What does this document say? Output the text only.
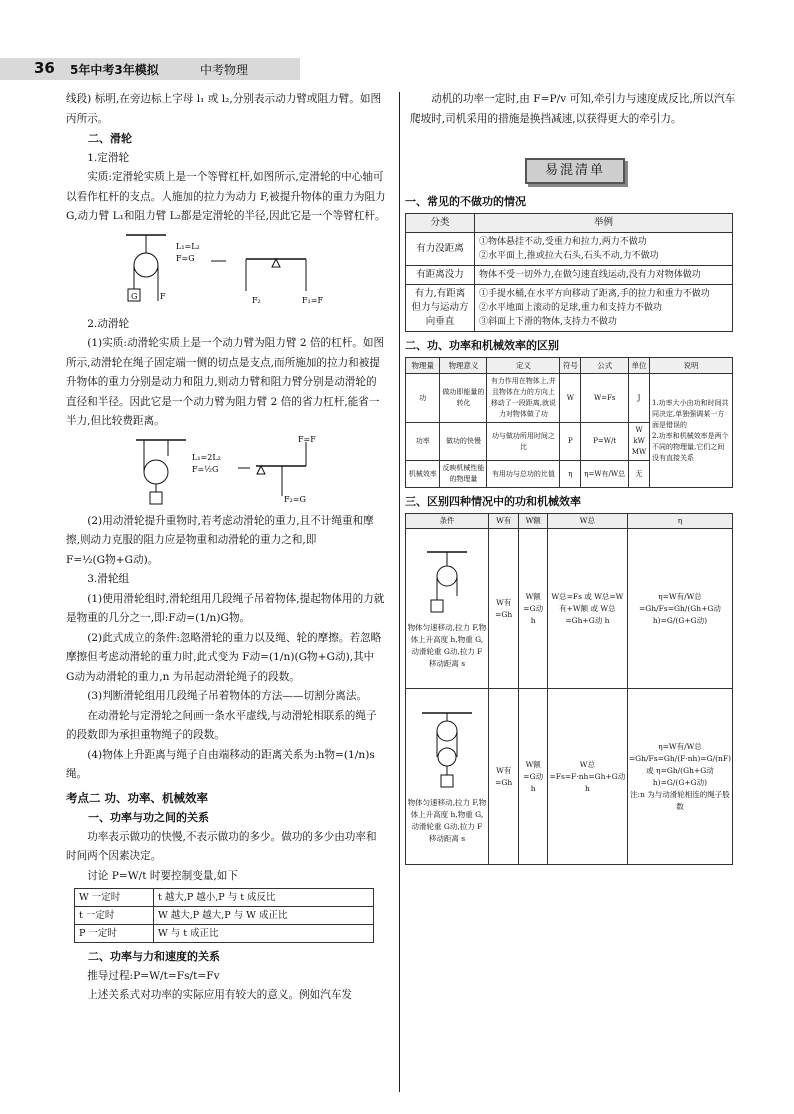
36 5年中考3年模拟	中考物理

线段) 标明,在旁边标上字母 l₁ 或 l₂,分别表示动力臂或阻力臂。如图丙所示。

二、滑轮

1.定滑轮

实质:定滑轮实质上是一个等臂杠杆,如图所示,定滑轮的中心轴可以看作杠杆的支点。人施加的拉力为动力 F,被提升物体的重力为阻力 G,动力臂 L₁和阻力臂 L₂都是定滑轮的半径,因此它是一个等臂杠杆。

G	F
L₁=L₂
F=G
F₂	F₁=F

2.动滑轮

(1)实质:动滑轮实质上是一个动力臂为阻力臂 2 倍的杠杆。如图所示,动滑轮在绳子固定端一侧的切点是支点,而所施加的拉力和被提升物体的重力分别是动力和阻力,则动力臂和阻力臂分别是动滑轮的直径和半径。因此它是一个动力臂为阻力臂 2 倍的省力杠杆,能省一半力,但比较费距离。

L₁=2L₂
F=½G
F=F
F₂=G

(2)用动滑轮提升重物时,若考虑动滑轮的重力,且不计绳重和摩擦,则动力克服的阻力应是物重和动滑轮的重力之和,即

F=½(G物+G动)。

3.滑轮组

(1)使用滑轮组时,滑轮组用几段绳子吊着物体,提起物体用的力就是物重的几分之一,即:F动=(1/n)G物。

(2)此式成立的条件:忽略滑轮的重力以及绳、轮的摩擦。若忽略摩擦但考虑动滑轮的重力时,此式变为 F动=(1/n)(G物+G动),其中 G动为动滑轮的重力,n 为吊起动滑轮绳子的段数。

(3)判断滑轮组用几段绳子吊着物体的方法——切割分离法。

在动滑轮与定滑轮之间画一条水平虚线,与动滑轮相联系的绳子的段数即为承担重物绳子的段数。

(4)物体上升距离与绳子自由端移动的距离关系为:h物=(1/n)s绳。

考点二 功、功率、机械效率

一、功率与功之间的关系

功率表示做功的快慢,不表示做功的多少。做功的多少由功率和时间两个因素决定。

讨论 P=W/t 时要控制变量,如下

W 一定时	t 越大,P 越小,P 与 t 成反比
t 一定时	W 越大,P 越大,P 与 W 成正比
P 一定时	W 与 t 成正比

二、功率与力和速度的关系

推导过程:P=W/t=Fs/t=Fv

上述关系式对功率的实际应用有较大的意义。例如汽车发

动机的功率一定时,由 F=P/v 可知,牵引力与速度成反比,所以汽车爬坡时,司机采用的措施是换挡减速,以获得更大的牵引力。

易混清单

一、常见的不做功的情况

分类	举例
有力没距离	①物体悬挂不动,受重力和拉力,两力不做功
②水平面上,推或拉大石头,石头不动,力不做功
有距离没力	物体不受一切外力,在做匀速直线运动,没有力对物体做功
有力,有距离但力与运动方向垂直	①手提水桶,在水平方向移动了距离,手的拉力和重力不做功
②水平地面上滚动的足球,重力和支持力不做功
③斜面上下滑的物体,支持力不做功

二、功、功率和机械效率的区别

物理量	物理意义	定义	符号	公式	单位	说明
功	做功即能量的转化	有力作用在物体上,并且物体在力的方向上移动了一段距离,就说力对物体做了功	W	W=Fs	J	1.功率大小由功和时间共同决定,单独强调某一方面是错误的
2.功率和机械效率是两个不同的物理量,它们之间没有直接关系
功率	做功的快慢	功与做功所用时间之比	P	P=W/t	W
kW
MW	
机械效率	反映机械性能的物理量	有用功与总功的比值	η	η=W有/W总	无	

三、区别四种情况中的功和机械效率

条件	W有	W额	W总	η

物体匀速移动,拉力 F,物体上升高度 h,物重 G,动滑轮重 G动,拉力 F 移动距离 s	W有=Gh	W额=G动 h	W总=Fs 或 W总=W有+W额 或 W总=Gh+G动 h	η=W有/W总=Gh/Fs=Gh/(Gh+G动 h)=G/(G+G动)

物体匀速移动,拉力 F,物体上升高度 h,物重 G,动滑轮重 G动,拉力 F 移动距离 s	W有=Gh	W额=G动 h	W总=Fs=F·nh=Gh+G动 h	η=W有/W总=Gh/Fs=Gh/(F·nh)=G/(nF) 或 η=Gh/(Gh+G动 h)=G/(G+G动)
注:n 为与动滑轮相连的绳子股数
